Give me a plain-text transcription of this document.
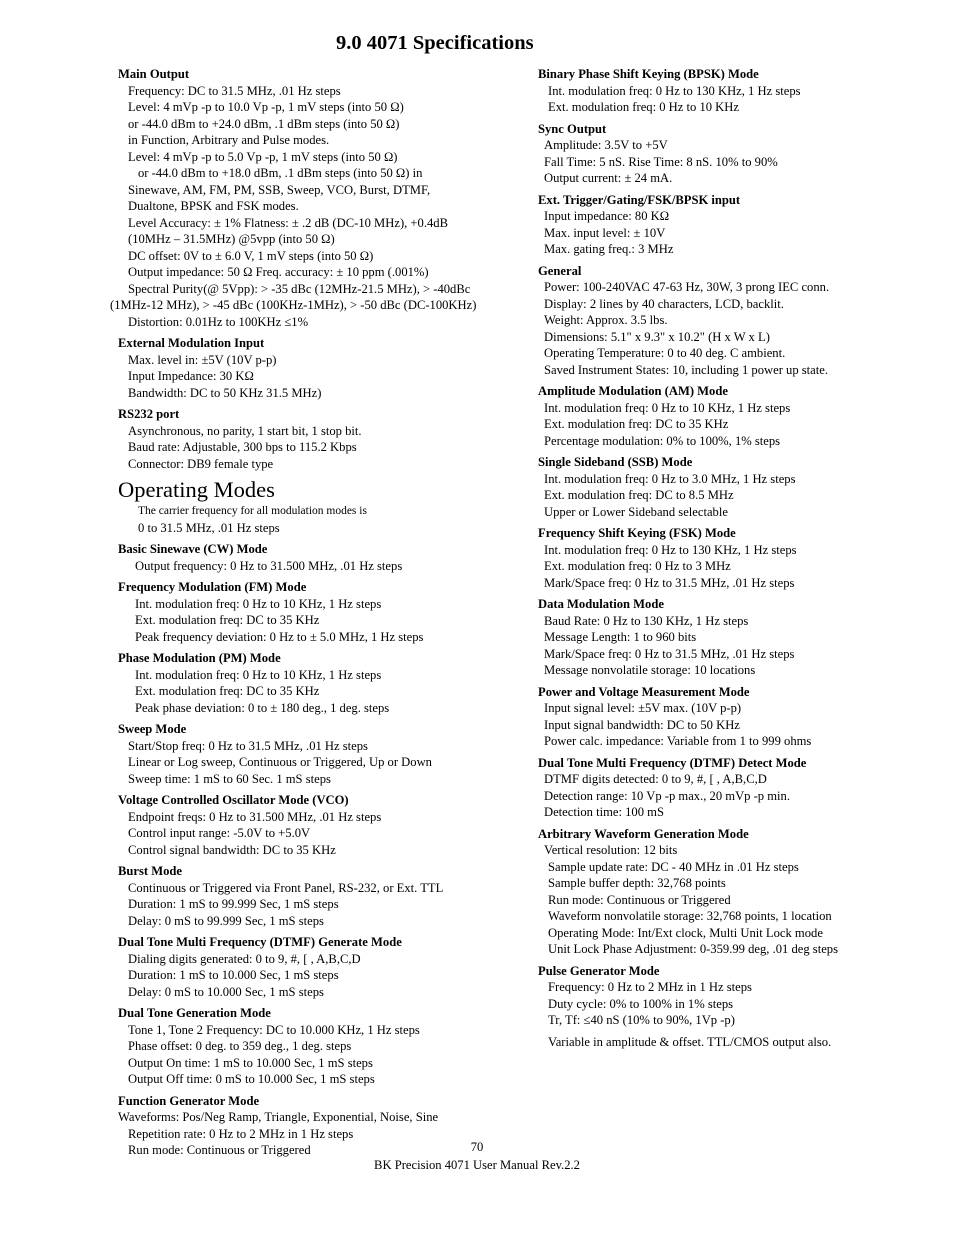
9.0 4071 Specifications
Main Output
Frequency: DC to 31.5 MHz, .01 Hz steps
Level: 4 mVp -p to 10.0 Vp -p, 1 mV steps (into 50 Ω)
or -44.0 dBm to +24.0 dBm, .1 dBm steps (into 50 Ω)
in Function, Arbitrary and Pulse modes.
Level: 4 mVp -p to 5.0 Vp -p, 1 mV steps (into 50 Ω)
or -44.0 dBm to +18.0 dBm, .1 dBm steps (into 50 Ω) in
Sinewave, AM, FM, PM, SSB, Sweep, VCO, Burst, DTMF,
Dualtone, BPSK and FSK modes.
Level Accuracy: ± 1% Flatness: ± .2 dB (DC-10 MHz), +0.4dB
(10MHz – 31.5MHz) @5vpp (into 50 Ω)
DC offset: 0V to ± 6.0 V, 1 mV steps (into 50 Ω)
Output impedance: 50 Ω Freq. accuracy: ± 10 ppm (.001%)
Spectral Purity(@ 5Vpp): > -35 dBc (12MHz-21.5 MHz), > -40dBc
(1MHz-12 MHz), > -45 dBc (100KHz-1MHz), > -50 dBc (DC-100KHz)
Distortion: 0.01Hz to 100KHz ≤1%
External Modulation Input
Max. level in: ±5V (10V p-p)
Input Impedance: 30 KΩ
Bandwidth: DC to 50 KHz 31.5 MHz)
RS232 port
Asynchronous, no parity, 1 start bit, 1 stop bit.
Baud rate: Adjustable, 300 bps to 115.2 Kbps
Connector: DB9 female type
Operating Modes
The carrier frequency for all modulation modes is
0 to 31.5 MHz, .01 Hz steps
Basic Sinewave (CW) Mode
Output frequency: 0 Hz to 31.500 MHz, .01 Hz steps
Frequency Modulation (FM) Mode
Int. modulation freq: 0 Hz to 10 KHz, 1 Hz steps
Ext. modulation freq: DC to 35 KHz
Peak frequency deviation: 0 Hz to ± 5.0 MHz, 1 Hz steps
Phase Modulation (PM) Mode
Int. modulation freq: 0 Hz to 10 KHz, 1 Hz steps
Ext. modulation freq: DC to 35 KHz
Peak phase deviation: 0 to ± 180 deg., 1 deg. steps
Sweep Mode
Start/Stop freq: 0 Hz to 31.5 MHz, .01 Hz steps
Linear or Log sweep, Continuous or Triggered, Up or Down
Sweep time: 1 mS to 60 Sec. 1 mS steps
Voltage Controlled Oscillator Mode (VCO)
Endpoint freqs: 0 Hz to 31.500 MHz, .01 Hz steps
Control input range: -5.0V to +5.0V
Control signal bandwidth: DC to 35 KHz
Burst Mode
Continuous or Triggered via Front Panel, RS-232, or Ext. TTL
Duration: 1 mS to 99.999 Sec, 1 mS steps
Delay: 0 mS to 99.999 Sec, 1 mS steps
Dual Tone Multi Frequency (DTMF) Generate Mode
Dialing digits generated: 0 to 9, #, [ , A,B,C,D
Duration: 1 mS to 10.000 Sec, 1 mS steps
Delay: 0 mS to 10.000 Sec, 1 mS steps
Dual Tone Generation Mode
Tone 1, Tone 2 Frequency: DC to 10.000 KHz, 1 Hz steps
Phase offset: 0 deg. to 359 deg., 1 deg. steps
Output On time: 1 mS to 10.000 Sec, 1 mS steps
Output Off time: 0 mS to 10.000 Sec, 1 mS steps
Function Generator Mode
Waveforms: Pos/Neg Ramp, Triangle, Exponential, Noise, Sine
Repetition rate: 0 Hz to 2 MHz in 1 Hz steps
Run mode: Continuous or Triggered
Binary Phase Shift Keying (BPSK) Mode
Int. modulation freq: 0 Hz to 130 KHz, 1 Hz steps
Ext. modulation freq: 0 Hz to 10 KHz
Sync Output
Amplitude: 3.5V to +5V
Fall Time: 5 nS. Rise Time: 8 nS. 10% to 90%
Output current: ± 24 mA.
Ext. Trigger/Gating/FSK/BPSK input
Input impedance: 80 KΩ
Max. input level: ± 10V
Max. gating freq.: 3 MHz
General
Power: 100-240VAC 47-63 Hz, 30W, 3 prong IEC conn.
Display: 2 lines by 40 characters, LCD, backlit.
Weight: Approx. 3.5 lbs.
Dimensions: 5.1" x 9.3" x 10.2" (H x W x L)
Operating Temperature: 0 to 40 deg. C ambient.
Saved Instrument States: 10, including 1 power up state.
Amplitude Modulation (AM) Mode
Int. modulation freq: 0 Hz to 10 KHz, 1 Hz steps
Ext. modulation freq: DC to 35 KHz
Percentage modulation: 0% to 100%, 1% steps
Single Sideband (SSB) Mode
Int. modulation freq: 0 Hz to 3.0 MHz, 1 Hz steps
Ext. modulation freq: DC to 8.5 MHz
Upper or Lower Sideband selectable
Frequency Shift Keying (FSK) Mode
Int. modulation freq: 0 Hz to 130 KHz, 1 Hz steps
Ext. modulation freq: 0 Hz to 3 MHz
Mark/Space freq: 0 Hz to 31.5 MHz, .01 Hz steps
Data Modulation Mode
Baud Rate: 0 Hz to 130 KHz, 1 Hz steps
Message Length: 1 to 960 bits
Mark/Space freq: 0 Hz to 31.5 MHz, .01 Hz steps
Message nonvolatile storage: 10 locations
Power and Voltage Measurement Mode
Input signal level: ±5V max. (10V p-p)
Input signal bandwidth: DC to 50 KHz
Power calc. impedance: Variable from 1 to 999 ohms
Dual Tone Multi Frequency (DTMF) Detect Mode
DTMF digits detected: 0 to 9, #, [ , A,B,C,D
Detection range: 10 Vp -p max., 20 mVp -p min.
Detection time: 100 mS
Arbitrary Waveform Generation Mode
Vertical resolution: 12 bits
Sample update rate: DC - 40 MHz in .01 Hz steps
Sample buffer depth: 32,768 points
Run mode: Continuous or Triggered
Waveform nonvolatile storage: 32,768 points, 1 location
Operating Mode: Int/Ext clock, Multi Unit Lock mode
Unit Lock Phase Adjustment: 0-359.99 deg, .01 deg steps
Pulse Generator Mode
Frequency: 0 Hz to 2 MHz in 1 Hz steps
Duty cycle: 0% to 100% in 1% steps
Tr, Tf: ≤40 nS (10% to 90%, 1Vp -p)
Variable in amplitude & offset. TTL/CMOS output also.
70
BK Precision 4071 User Manual Rev.2.2
